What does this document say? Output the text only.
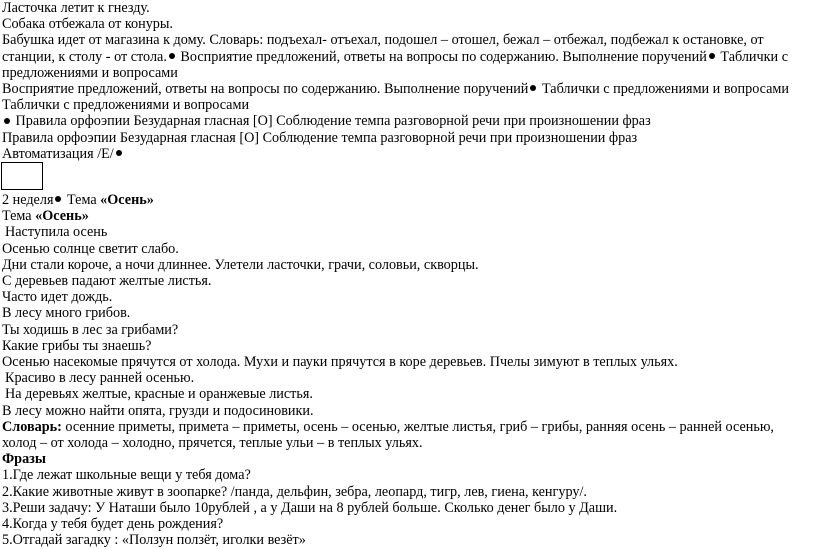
Ласточка летит к гнезду.
Собака отбежала от конуры.
Бабушка идет от магазина к дому. Словарь: подъехал- отъехал, подошел – отошел, бежал – отбежал, подбежал к остановке, от станции, к столу - от стола. Восприятие предложений, ответы на вопросы по содержанию. Выполнение поручений Таблички с предложениями и вопросами
Восприятие предложений, ответы на вопросы по содержанию. Выполнение поручений Таблички с предложениями и вопросами
Таблички с предложениями и вопросами
Правила орфоэпии Безударная гласная [О] Соблюдение темпа разговорной речи при произношении фраз
Правила орфоэпии Безударная гласная [О] Соблюдение темпа разговорной речи при произношении фраз
Автоматизация /Е/
2 неделя Тема «Осень»
Тема «Осень»
Наступила осень
Осенью солнце светит слабо.
Дни стали короче, а ночи длиннее. Улетели ласточки, грачи, соловьи, скворцы.
С деревьев падают желтые листья.
Часто идет дождь.
В лесу много грибов.
Ты ходишь в лес за грибами?
Какие грибы ты знаешь?
Осенью насекомые прячутся от холода. Мухи и пауки прячутся в коре деревьев. Пчелы зимуют в теплых ульях.
Красиво в лесу ранней осенью.
На деревьях желтые, красные и оранжевые листья.
В лесу можно найти опята, грузди и подосиновики.
Словарь: осенние приметы, примета – приметы, осень – осенью, желтые листья, гриб – грибы, ранняя осень – ранней осенью, холод – от холода – холодно, прячется, теплые ульи – в теплых ульях.
Фразы
1.Где лежат школьные вещи у тебя дома?
2.Какие животные живут в зоопарке? /панда, дельфин, зебра, леопард, тигр, лев, гиена, кенгуру/.
3.Реши задачу: У Наташи было 10рублей , а у Даши на 8 рублей больше. Сколько денег было у Даши.
4.Когда у тебя будет день рождения?
5.Отгадай загадку : «Ползун ползёт, иголки везёт»
